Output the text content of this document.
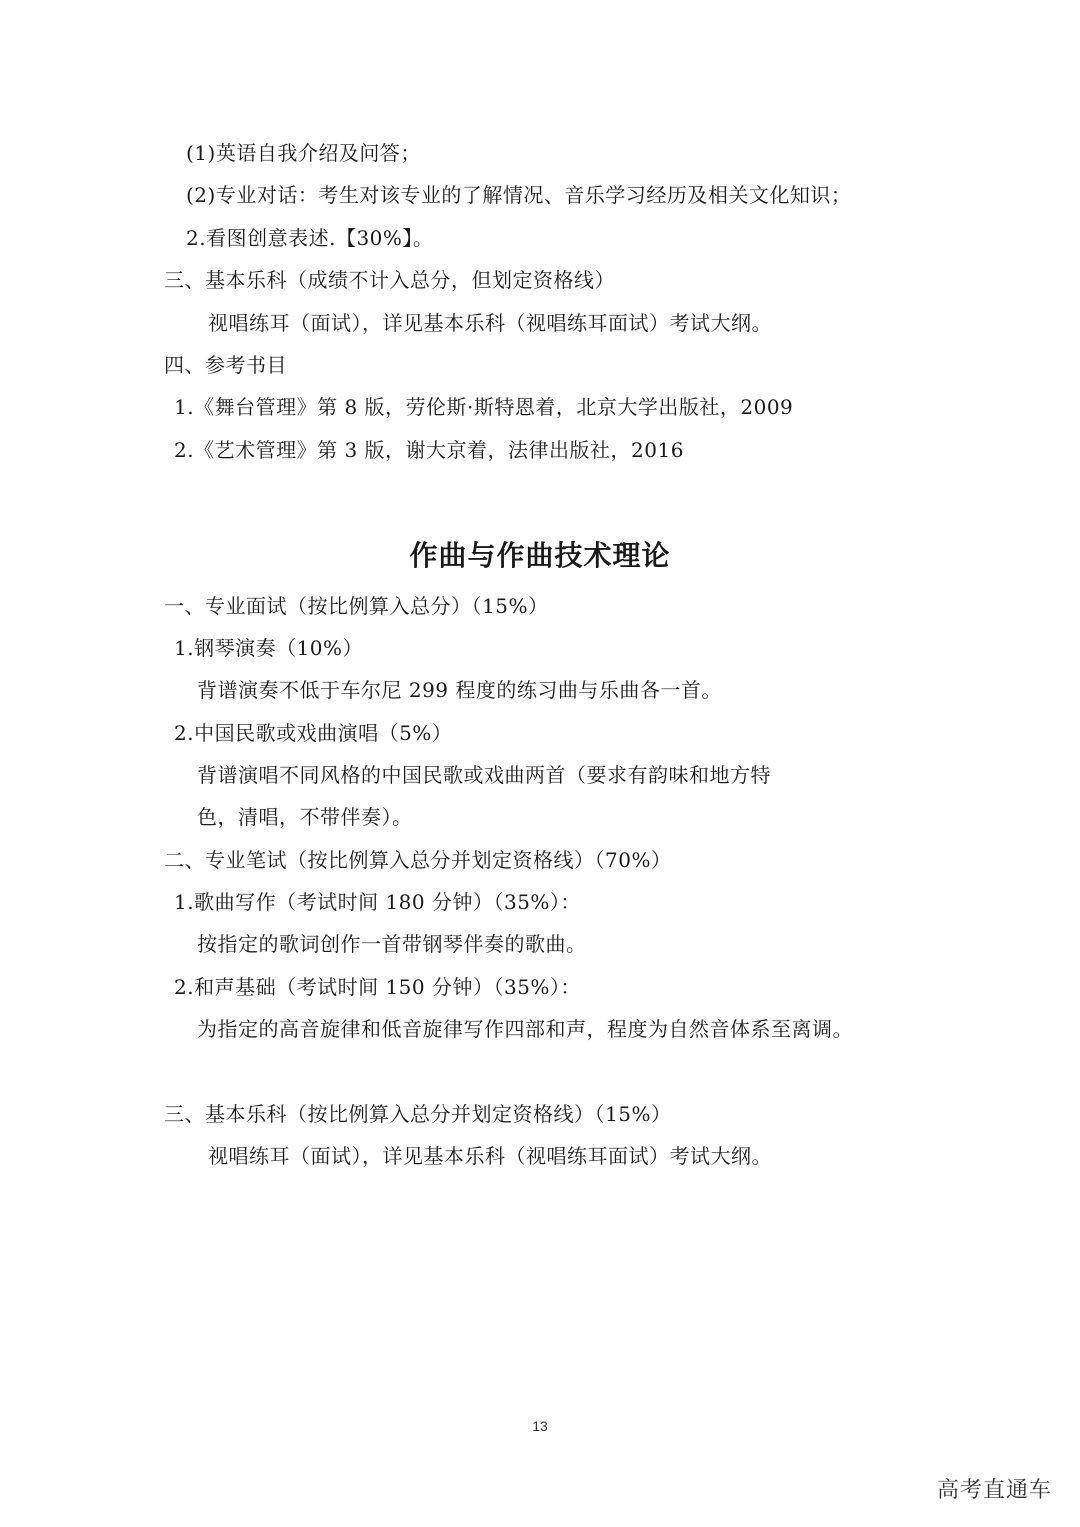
(1)英语自我介绍及问答；
(2)专业对话：考生对该专业的了解情况、音乐学习经历及相关文化知识；
2.看图创意表述.【30%】。
三、基本乐科（成绩不计入总分，但划定资格线）
视唱练耳（面试），详见基本乐科（视唱练耳面试）考试大纲。
四、参考书目
1.《舞台管理》第 8 版，劳伦斯·斯特恩着，北京大学出版社，2009
2.《艺术管理》第 3 版，谢大京着，法律出版社，2016
作曲与作曲技术理论
一、专业面试（按比例算入总分）（15%）
1.钢琴演奏（10%）
背谱演奏不低于车尔尼 299 程度的练习曲与乐曲各一首。
2.中国民歌或戏曲演唱（5%）
背谱演唱不同风格的中国民歌或戏曲两首（要求有韵味和地方特
色，清唱，不带伴奏）。
二、专业笔试（按比例算入总分并划定资格线）（70%）
1.歌曲写作（考试时间 180 分钟）（35%）：
按指定的歌词创作一首带钢琴伴奏的歌曲。
2.和声基础（考试时间 150 分钟）（35%）：
为指定的高音旋律和低音旋律写作四部和声，程度为自然音体系至离调。
三、基本乐科（按比例算入总分并划定资格线）（15%）
视唱练耳（面试），详见基本乐科（视唱练耳面试）考试大纲。
13
高考直通车
